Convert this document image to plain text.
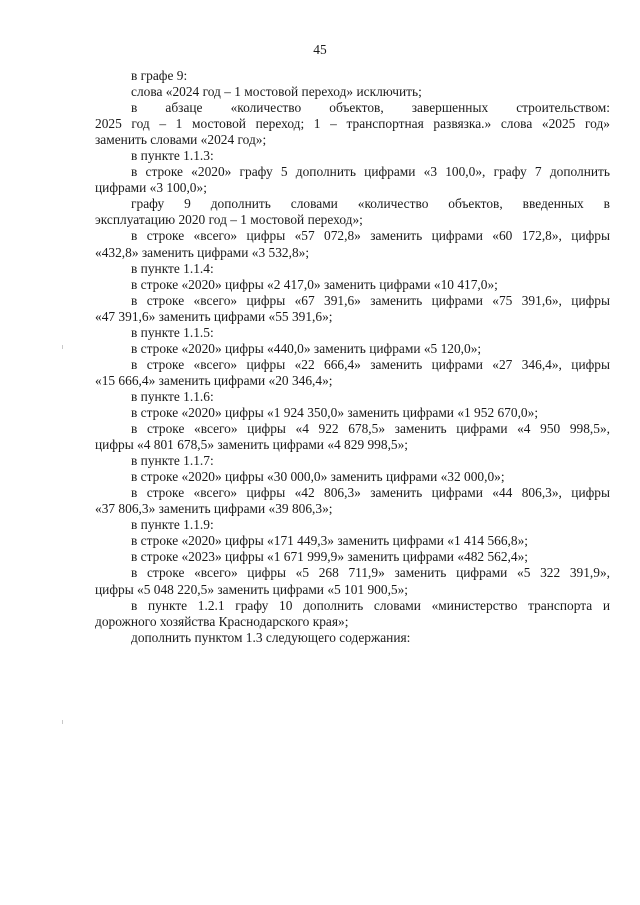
45
в графе 9:
слова «2024 год – 1 мостовой переход» исключить;
в абзаце «количество объектов, завершенных строительством:
2025 год – 1 мостовой переход; 1 – транспортная развязка.» слова «2025 год»
заменить словами «2024 год»;
в пункте 1.1.3:
в строке «2020» графу 5 дополнить цифрами «3 100,0», графу 7 дополнить
цифрами «3 100,0»;
графу 9 дополнить словами «количество объектов, введенных в
эксплуатацию 2020 год – 1 мостовой переход»;
в строке «всего» цифры «57 072,8» заменить цифрами «60 172,8», цифры
«432,8» заменить цифрами «3 532,8»;
в пункте 1.1.4:
в строке «2020» цифры «2 417,0» заменить цифрами «10 417,0»;
в строке «всего» цифры «67 391,6» заменить цифрами «75 391,6», цифры
«47 391,6» заменить цифрами «55 391,6»;
в пункте 1.1.5:
в строке «2020» цифры «440,0» заменить цифрами «5 120,0»;
в строке «всего» цифры «22 666,4» заменить цифрами «27 346,4», цифры
«15 666,4» заменить цифрами «20 346,4»;
в пункте 1.1.6:
в строке «2020» цифры «1 924 350,0» заменить цифрами «1 952 670,0»;
в строке «всего» цифры «4 922 678,5» заменить цифрами «4 950 998,5»,
цифры «4 801 678,5» заменить цифрами «4 829 998,5»;
в пункте 1.1.7:
в строке «2020» цифры «30 000,0» заменить цифрами «32 000,0»;
в строке «всего» цифры «42 806,3» заменить цифрами «44 806,3», цифры
«37 806,3» заменить цифрами «39 806,3»;
в пункте 1.1.9:
в строке «2020» цифры «171 449,3» заменить цифрами «1 414 566,8»;
в строке «2023» цифры «1 671 999,9» заменить цифрами «482 562,4»;
в строке «всего» цифры «5 268 711,9» заменить цифрами «5 322 391,9»,
цифры «5 048 220,5» заменить цифрами «5 101 900,5»;
в пункте 1.2.1 графу 10 дополнить словами «министерство транспорта и
дорожного хозяйства Краснодарского края»;
дополнить пунктом 1.3 следующего содержания:
